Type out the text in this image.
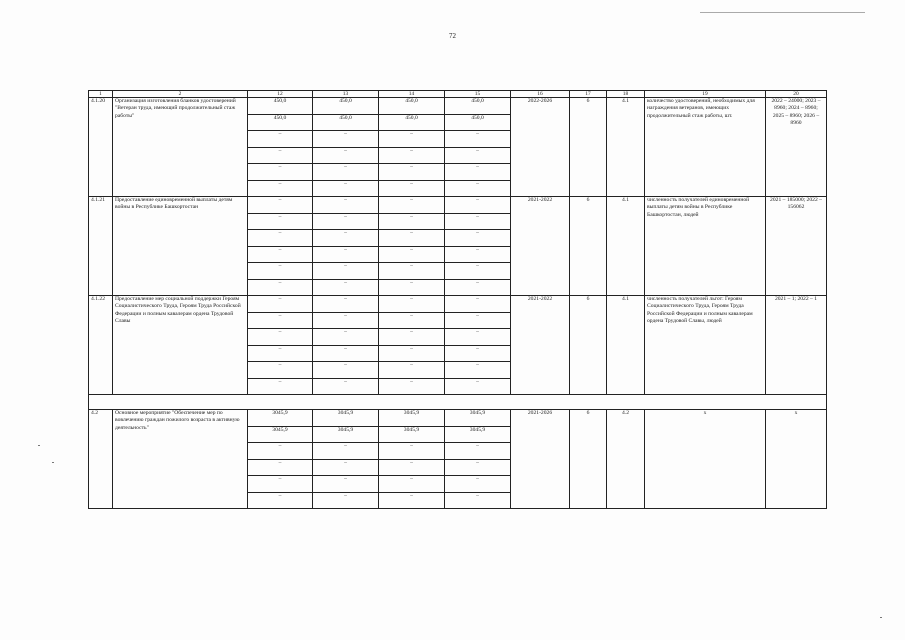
72
1	2	12	13	14	15	16	17	18	19	20
4.1.20	Организация изготовления бланков удостоверений "Ветеран труда, имеющий продолжительный стаж работы"	450,0	450,0	450,0	450,0	2022-2026	6	4.1	количество удостоверений, необходимых для награждения ветеранов, имеющих продолжительный стаж работы, шт.	2022 – 24000; 2023 – 8960; 2024 – 8960; 2025 – 8960; 2026 – 8960
		450,0	450,0	450,0	450,0					
		–	–	–	–					
		–	–	–	–					
		–	–	–	–					
		–	–	–	–					
4.1.21	Предоставление единовременной выплаты детям войны в Республике Башкортостан	–	–	–	–	2021-2022	6	4.1	численность получателей единовременной выплаты детям войны в Республике Башкортостан, людей	2021 – 185000; 2022 – 156062
		–	–	–	–					
		–	–	–	–					
		–	–	–	–					
		–	–	–	–					
		–	–	–	–					
4.1.22	Предоставление мер социальной поддержки Героям Социалистического Труда, Героям Труда Российской Федерации и полным кавалерам ордена Трудовой Славы	–	–	–	–	2021-2022	6	4.1	численность получателей льгот: Героям Социалистического Труда, Героям Труда Российской Федерации и полным кавалерам ордена Трудовой Славы, людей	2021 – 1; 2022 – 1
		–	–	–	–					
		–	–	–	–					
		–	–	–	–					
		–	–	–	–					
		–	–	–	–					

4.2	Основное мероприятие "Обеспечение мер по вовлечению граждан пожилого возраста в активную деятельность"	3045,9	3045,9	3045,9	3045,9	2021-2026	6	4.2	х	х
		3045,9	3045,9	3045,9	3045,9					
		–	–	–	–					
		–	–	–	–					
		–	–	–	–					
		–	–	–	–					
